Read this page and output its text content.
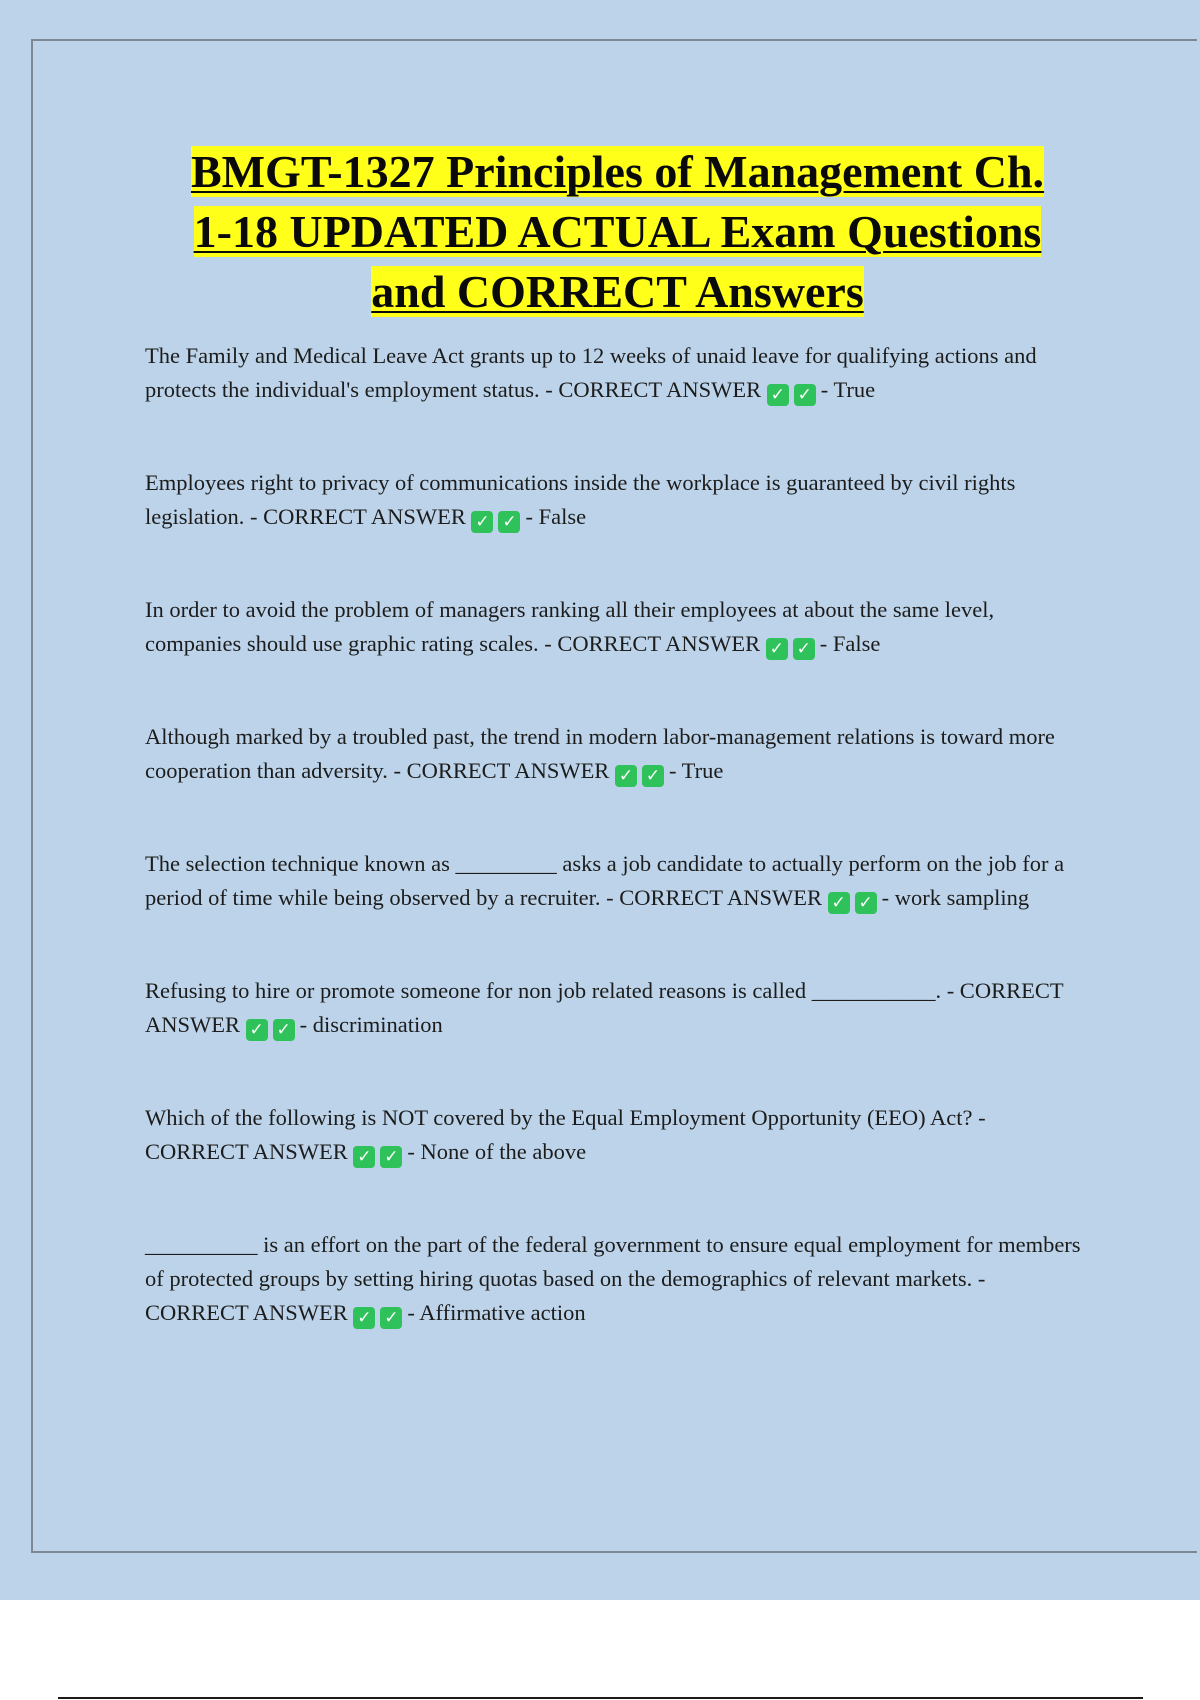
BMGT-1327 Principles of Management Ch.
1-18 UPDATED ACTUAL Exam Questions
and CORRECT Answers

The Family and Medical Leave Act grants up to 12 weeks of unaid leave for qualifying actions and protects the individual's employment status. - CORRECT ANSWER ✓ ✓ - True

Employees right to privacy of communications inside the workplace is guaranteed by civil rights legislation. - CORRECT ANSWER ✓ ✓ - False

In order to avoid the problem of managers ranking all their employees at about the same level, companies should use graphic rating scales. - CORRECT ANSWER ✓ ✓ - False

Although marked by a troubled past, the trend in modern labor-management relations is toward more cooperation than adversity. - CORRECT ANSWER ✓ ✓ - True

The selection technique known as _________ asks a job candidate to actually perform on the job for a period of time while being observed by a recruiter. - CORRECT ANSWER ✓ ✓ - work sampling

Refusing to hire or promote someone for non job related reasons is called ___________. - CORRECT ANSWER ✓ ✓ - discrimination

Which of the following is NOT covered by the Equal Employment Opportunity (EEO) Act? - CORRECT ANSWER ✓ ✓ - None of the above

__________ is an effort on the part of the federal government to ensure equal employment for members of protected groups by setting hiring quotas based on the demographics of relevant markets. - CORRECT ANSWER ✓ ✓ - Affirmative action
